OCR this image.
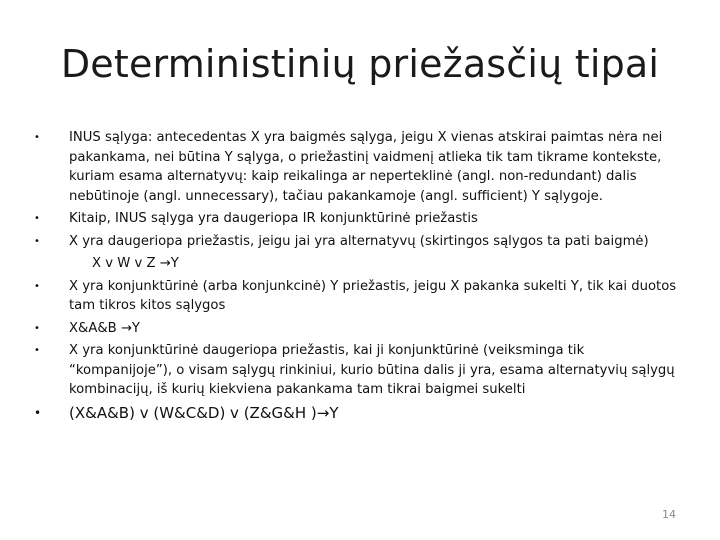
Deterministinių priežasčių tipai
• INUS sąlyga: antecedentas X yra baigmės sąlyga, jeigu X vienas atskirai paimtas nėra nei pakankama, nei būtina Y sąlyga, o priežastinį vaidmenį atlieka tik tam tikrame kontekste, kuriam esama alternatyvų: kaip reikalinga ar neperteklinė (angl. non-redundant) dalis nebūtinoje (angl. unnecessary), tačiau pakankamoje (angl. sufficient) Y sąlygoje.
• Kitaip, INUS sąlyga yra daugeriopa IR konjunktūrinė priežastis
• X yra daugeriopa priežastis, jeigu jai yra alternatyvų (skirtingos sąlygos ta pati baigmė)
X v W v Z →Y
• X yra konjunktūrinė (arba konjunkcinė) Y priežastis, jeigu X pakanka sukelti Y, tik kai duotos tam tikros kitos sąlygos
• X&A&B →Y
• X yra konjunktūrinė daugeriopa priežastis, kai ji konjunktūrinė (veiksminga tik “kompanijoje”), o visam sąlygų rinkiniui, kurio būtina dalis ji yra, esama alternatyvių sąlygų kombinacijų, iš kurių kiekviena pakankama tam tikrai baigmei sukelti
• (X&A&B) v (W&C&D) v (Z&G&H )→Y
14
